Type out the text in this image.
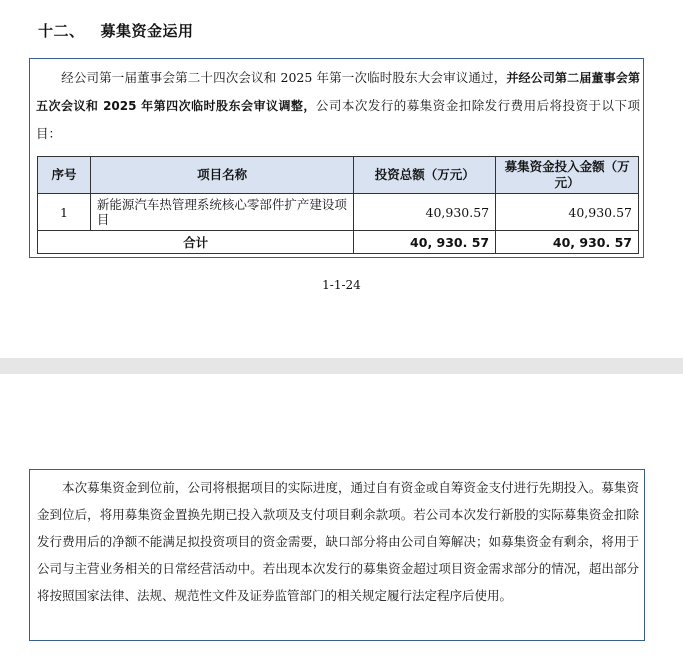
十二、 募集资金运用
经公司第一届董事会第二十四次会议和 2025 年第一次临时股东大会审议通过，并经公司第二届董事会第五次会议和 2025 年第四次临时股东会审议调整，公司本次发行的募集资金扣除发行费用后将投资于以下项目：
序号	项目名称	投资总额（万元）	募集资金投入金额（万元）
1	新能源汽车热管理系统核心零部件扩产建设项目	40,930.57	40,930.57
合计		40, 930. 57	40, 930. 57
1-1-24
本次募集资金到位前，公司将根据项目的实际进度，通过自有资金或自筹资金支付进行先期投入。募集资金到位后，将用募集资金置换先期已投入款项及支付项目剩余款项。若公司本次发行新股的实际募集资金扣除发行费用后的净额不能满足拟投资项目的资金需要，缺口部分将由公司自筹解决；如募集资金有剩余，将用于公司与主营业务相关的日常经营活动中。若出现本次发行的募集资金超过项目资金需求部分的情况，超出部分将按照国家法律、法规、规范性文件及证券监管部门的相关规定履行法定程序后使用。
